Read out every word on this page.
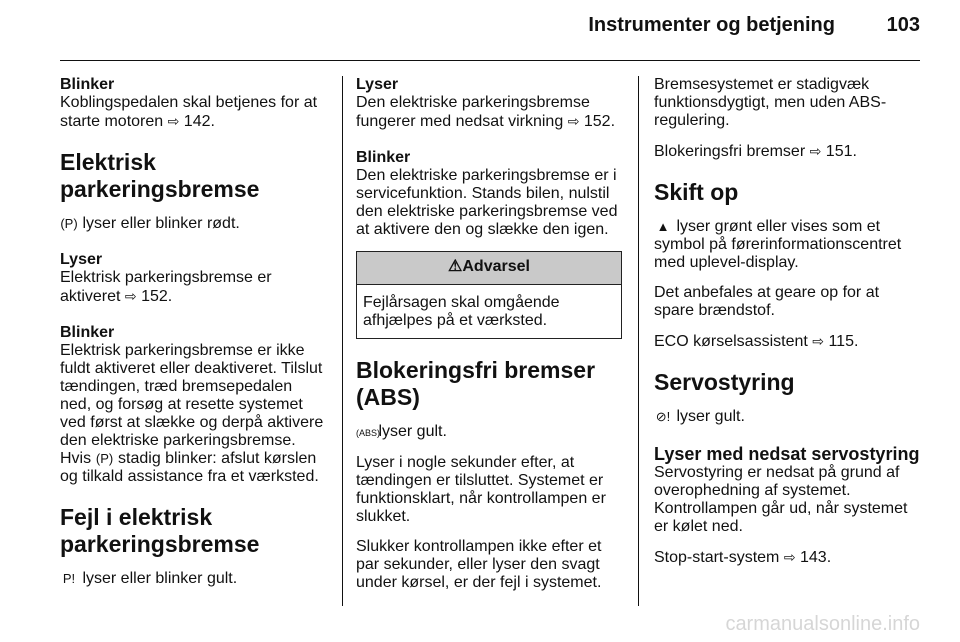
Instrumenter og betjening	103

Blinker

Koblingspedalen skal betjenes for at starte motoren ⇨ 142.

Elektrisk parkeringsbremse

(P) lyser eller blinker rødt.

Lyser

Elektrisk parkeringsbremse er aktiveret ⇨ 152.

Blinker

Elektrisk parkeringsbremse er ikke fuldt aktiveret eller deaktiveret. Tilslut tændingen, træd bremsepedalen ned, og forsøg at resette systemet ved først at slække og derpå aktivere den elektriske parkeringsbremse.

Hvis (P) stadig blinker: afslut kørslen og tilkald assistance fra et værksted.

Fejl i elektrisk parkeringsbremse

P! lyser eller blinker gult.

Lyser

Den elektriske parkeringsbremse fungerer med nedsat virkning ⇨ 152.

Blinker

Den elektriske parkeringsbremse er i servicefunktion. Stands bilen, nulstil den elektriske parkeringsbremse ved at aktivere den og slække den igen.

⚠Advarsel
Fejlårsagen skal omgående afhjælpes på et værksted.

Blokeringsfri bremser (ABS)

(ABS) lyser gult.

Lyser i nogle sekunder efter, at tændingen er tilsluttet. Systemet er funktionsklart, når kontrollampen er slukket.

Slukker kontrollampen ikke efter et par sekunder, eller lyser den svagt under kørsel, er der fejl i systemet.

Bremsesystemet er stadigvæk funktionsdygtigt, men uden ABS-regulering.

Blokeringsfri bremser ⇨ 151.

Skift op

▲ lyser grønt eller vises som et symbol på førerinformationscentret med uplevel-display.

Det anbefales at geare op for at spare brændstof.

ECO kørselsassistent ⇨ 115.

Servostyring

⊘! lyser gult.

Lyser med nedsat servostyring

Servostyring er nedsat på grund af overophedning af systemet. Kontrollampen går ud, når systemet er kølet ned.

Stop-start-system ⇨ 143.

carmanualsonline.info
